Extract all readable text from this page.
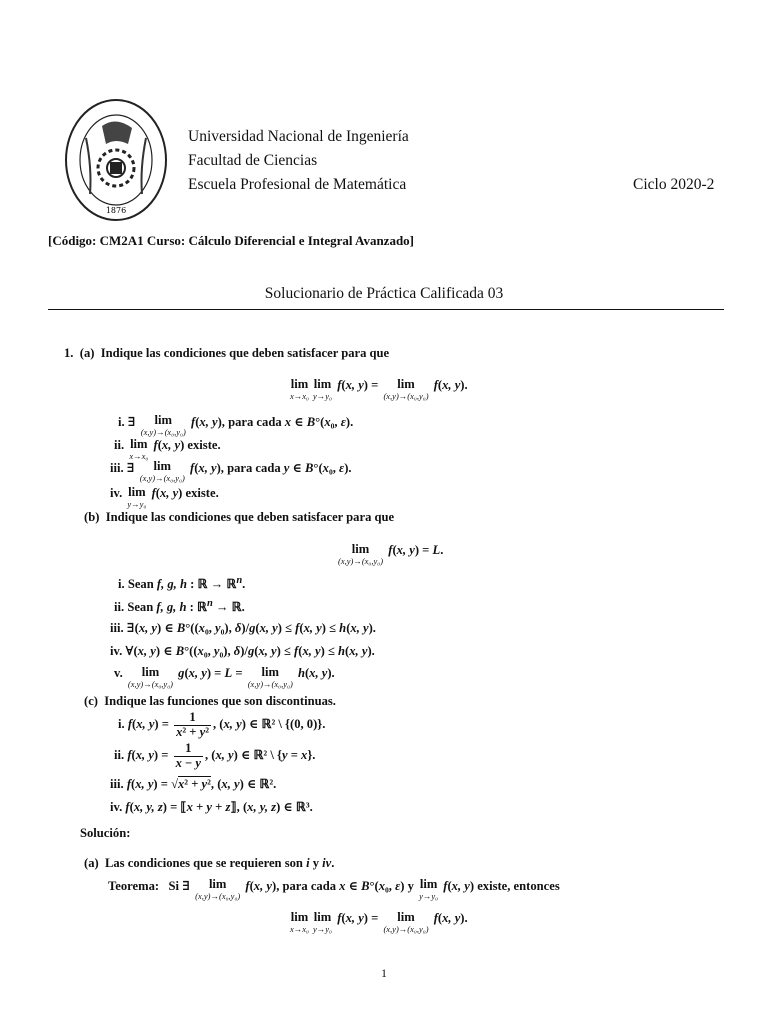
1876
Universidad Nacional de Ingeniería
Facultad de Ciencias
Escuela Profesional de Matemática	Ciclo 2020-2
[Código: CM2A1 Curso: Cálculo Diferencial e Integral Avanzado]
Solucionario de Práctica Calificada 03
1. (a) Indique las condiciones que deben satisfacer para que
lim
x→x₀
lim
y→y₀
f(x, y) =	lim
(x,y)→(x₀,y₀)
f(x, y).
i. ∃	lim
(x,y)→(x₀,y₀)
f(x, y), para cada x ∈ B°(x₀, ε).
ii. lim
x→x₀
f(x, y) existe.
iii. ∃	lim
(x,y)→(x₀,y₀)
f(x, y), para cada y ∈ B°(x₀, ε).
iv. lim
y→y₀
f(x, y) existe.
(b) Indique las condiciones que deben satisfacer para que
lim
(x,y)→(x₀,y₀)
f(x, y) = L.
i. Sean f, g, h : ℝ → ℝ$^n$.
ii. Sean f, g, h : ℝ$^n$ → ℝ.
iii. ∃(x, y) ∈ B°((x₀, y₀), δ)/g(x, y) ≤ f(x, y) ≤ h(x, y).
iv. ∀(x, y) ∈ B°((x₀, y₀), δ)/g(x, y) ≤ f(x, y) ≤ h(x, y).
v.	lim
(x,y)→(x₀,y₀)
g(x, y) = L =	lim
(x,y)→(x₀,y₀)
h(x, y).
(c) Indique las funciones que son discontinuas.
i. f(x, $y) = \frac{1}{\text{x² + y²}}$ , (x, y) ∈ ℝ² \ {(0, 0)}.
ii. f(x, $y) = \frac{1}{x - y}$ , (x, y) ∈ ℝ² \ {y = x}.
iii. f(x, y) = √x² + y², (x, y) ∈ ℝ².
iv. f(x, y, z) = ⟦x + y + z⟧, (x, y, z) ∈ ℝ³.
Solución:
(a) Las condiciones que se requieren son i y iv.
Teorema: Si ∃	lim
(x,y)→(x₀,y₀)
f(x, y), para cada x ∈ B°(x₀, ε) y lim
y→y₀
f(x, y) existe, entonces
lim
x→x₀
lim
y→y₀
f(x, y) =	lim
(x,y)→(x₀,y₀)
f(x, y).
1
